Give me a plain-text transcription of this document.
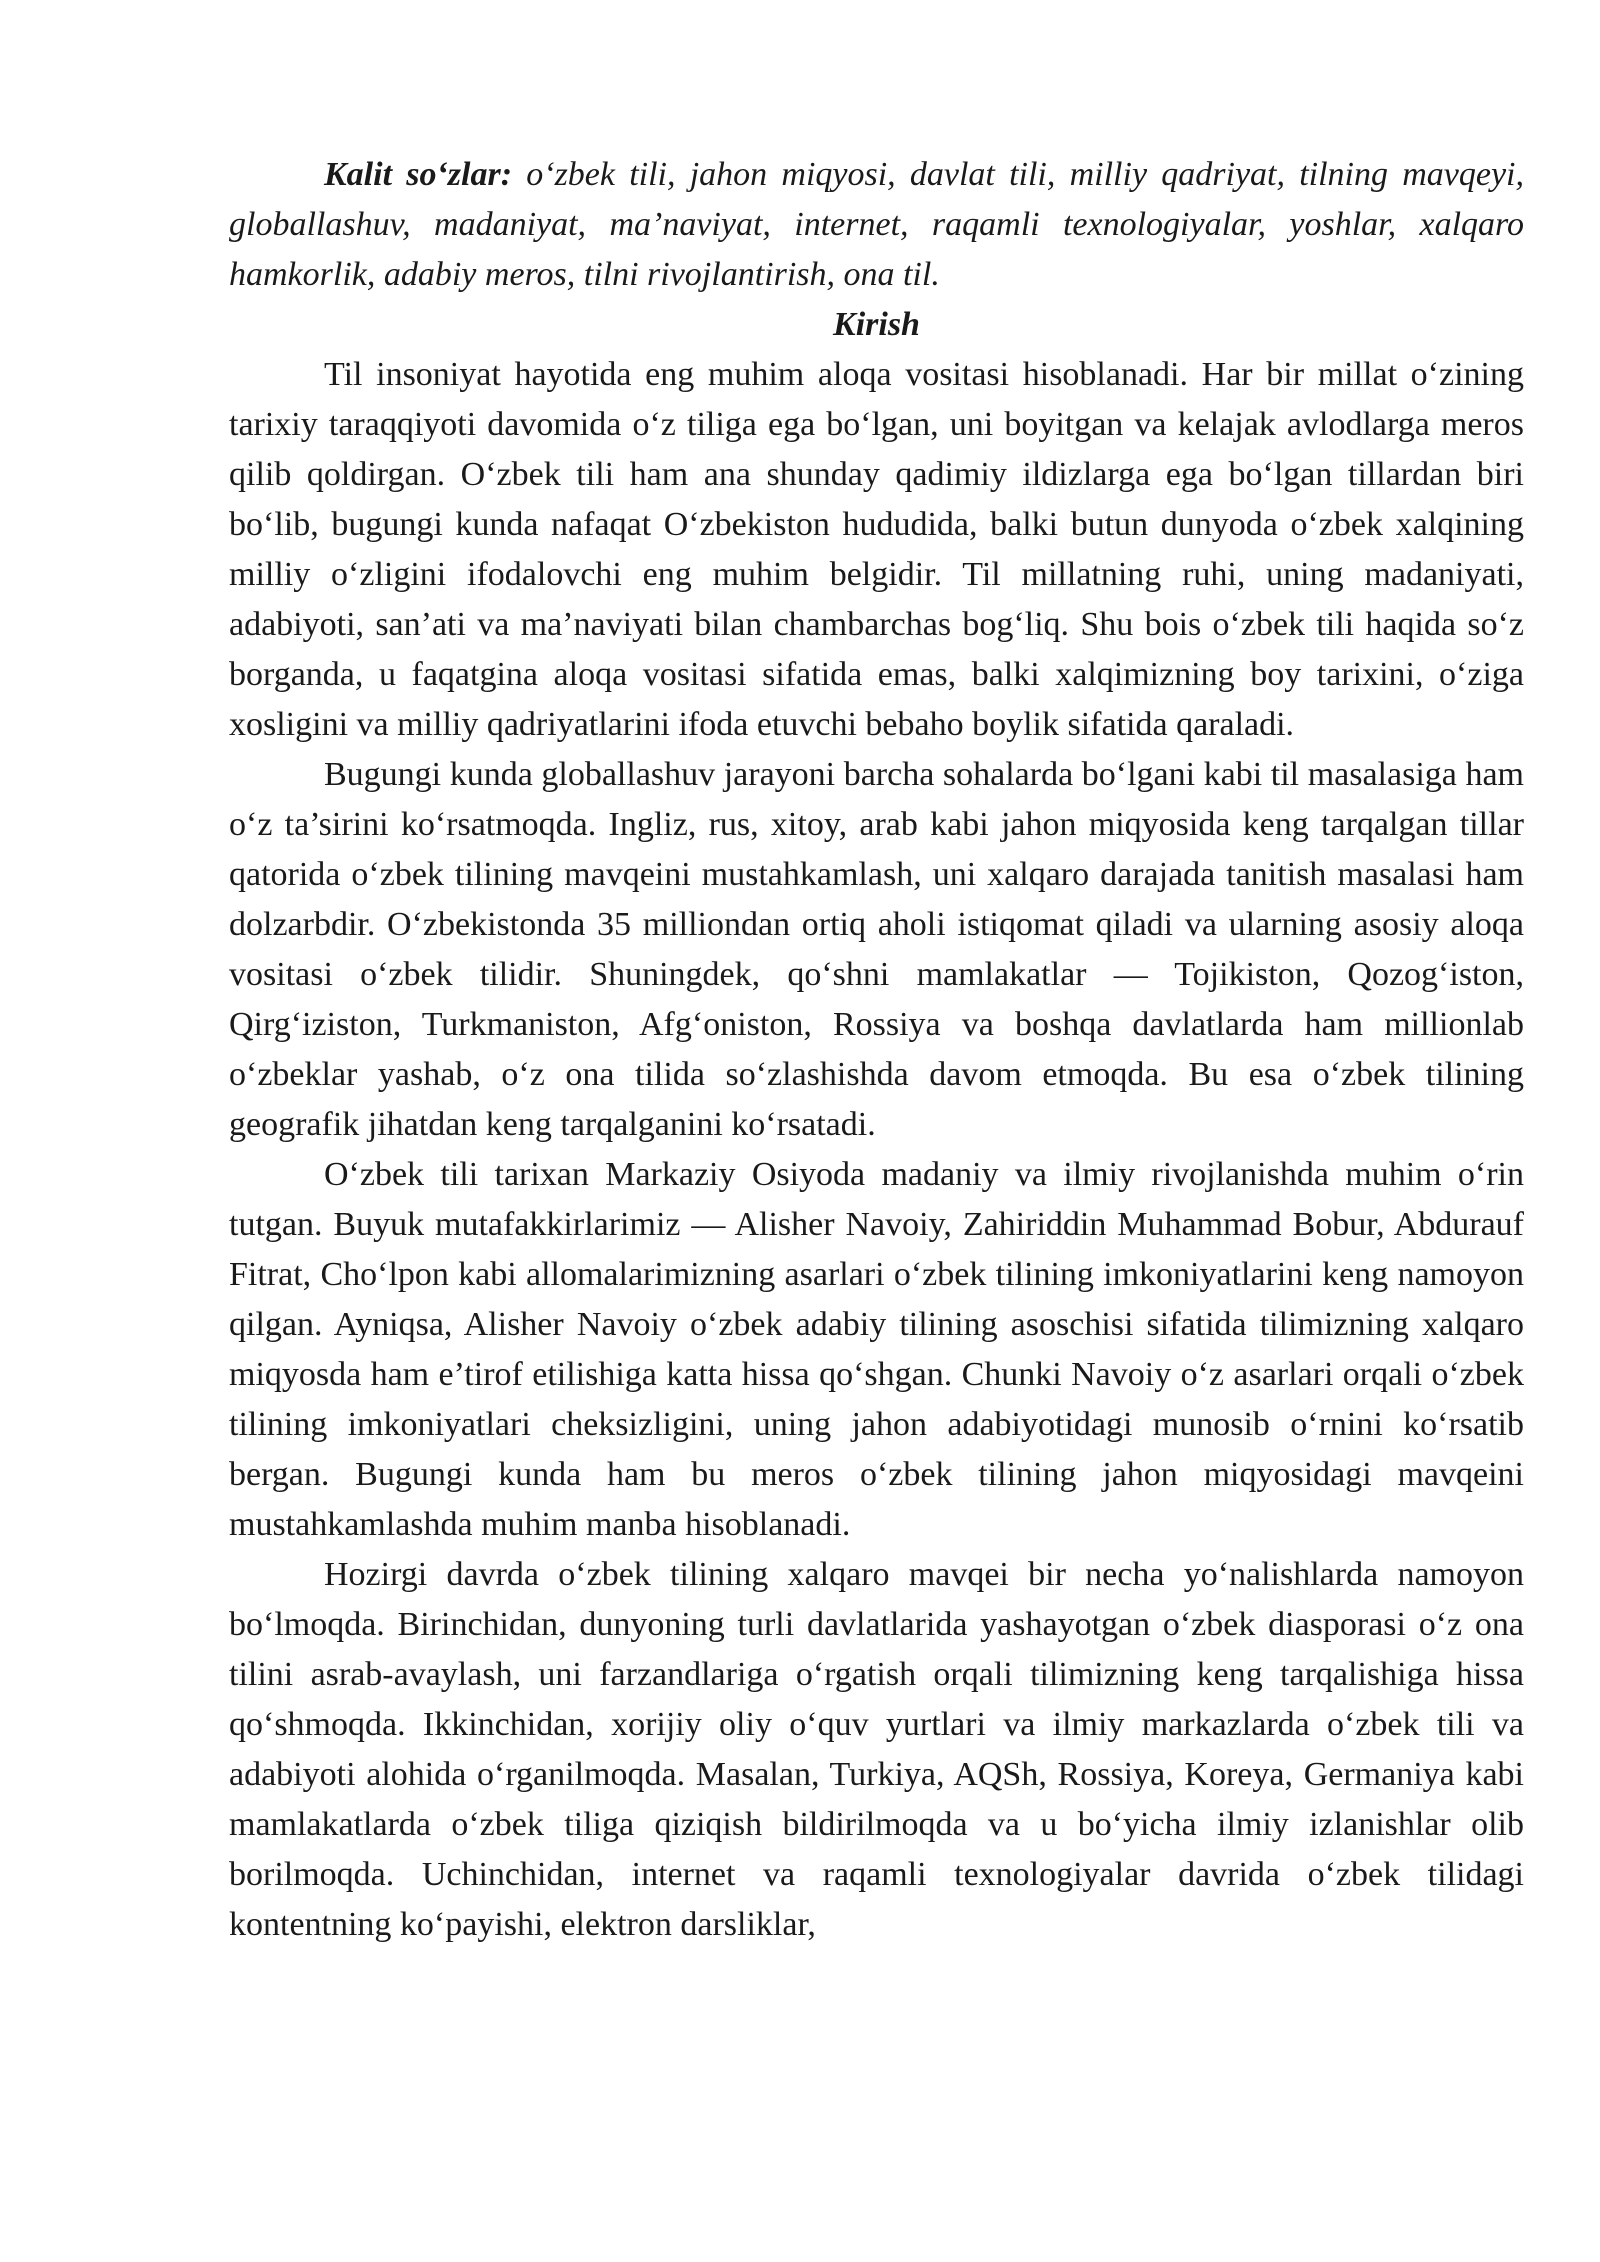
Kalit so‘zlar: o‘zbek tili, jahon miqyosi, davlat tili, milliy qadriyat, tilning mavqeyi, globallashuv, madaniyat, ma’naviyat, internet, raqamli texnologiyalar, yoshlar, xalqaro hamkorlik, adabiy meros, tilni rivojlantirish, ona til.

Kirish

Til insoniyat hayotida eng muhim aloqa vositasi hisoblanadi. Har bir millat o‘zining tarixiy taraqqiyoti davomida o‘z tiliga ega bo‘lgan, uni boyitgan va kelajak avlodlarga meros qilib qoldirgan. O‘zbek tili ham ana shunday qadimiy ildizlarga ega bo‘lgan tillardan biri bo‘lib, bugungi kunda nafaqat O‘zbekiston hududida, balki butun dunyoda o‘zbek xalqining milliy o‘zligini ifodalovchi eng muhim belgidir. Til millatning ruhi, uning madaniyati, adabiyoti, san’ati va ma’naviyati bilan chambarchas bog‘liq. Shu bois o‘zbek tili haqida so‘z borganda, u faqatgina aloqa vositasi sifatida emas, balki xalqimizning boy tarixini, o‘ziga xosligini va milliy qadriyatlarini ifoda etuvchi bebaho boylik sifatida qaraladi.

Bugungi kunda globallashuv jarayoni barcha sohalarda bo‘lgani kabi til masalasiga ham o‘z ta’sirini ko‘rsatmoqda. Ingliz, rus, xitoy, arab kabi jahon miqyosida keng tarqalgan tillar qatorida o‘zbek tilining mavqeini mustahkamlash, uni xalqaro darajada tanitish masalasi ham dolzarbdir. O‘zbekistonda 35 milliondan ortiq aholi istiqomat qiladi va ularning asosiy aloqa vositasi o‘zbek tilidir. Shuningdek, qo‘shni mamlakatlar — Tojikiston, Qozog‘iston, Qirg‘iziston, Turkmaniston, Afg‘oniston, Rossiya va boshqa davlatlarda ham millionlab o‘zbeklar yashab, o‘z ona tilida so‘zlashishda davom etmoqda. Bu esa o‘zbek tilining geografik jihatdan keng tarqalganini ko‘rsatadi.

O‘zbek tili tarixan Markaziy Osiyoda madaniy va ilmiy rivojlanishda muhim o‘rin tutgan. Buyuk mutafakkirlarimiz — Alisher Navoiy, Zahiriddin Muhammad Bobur, Abdurauf Fitrat, Cho‘lpon kabi allomalarimizning asarlari o‘zbek tilining imkoniyatlarini keng namoyon qilgan. Ayniqsa, Alisher Navoiy o‘zbek adabiy tilining asoschisi sifatida tilimizning xalqaro miqyosda ham e’tirof etilishiga katta hissa qo‘shgan. Chunki Navoiy o‘z asarlari orqali o‘zbek tilining imkoniyatlari cheksizligini, uning jahon adabiyotidagi munosib o‘rnini ko‘rsatib bergan. Bugungi kunda ham bu meros o‘zbek tilining jahon miqyosidagi mavqeini mustahkamlashda muhim manba hisoblanadi.

Hozirgi davrda o‘zbek tilining xalqaro mavqei bir necha yo‘nalishlarda namoyon bo‘lmoqda. Birinchidan, dunyoning turli davlatlarida yashayotgan o‘zbek diasporasi o‘z ona tilini asrab-avaylash, uni farzandlariga o‘rgatish orqali tilimizning keng tarqalishiga hissa qo‘shmoqda. Ikkinchidan, xorijiy oliy o‘quv yurtlari va ilmiy markazlarda o‘zbek tili va adabiyoti alohida o‘rganilmoqda. Masalan, Turkiya, AQSh, Rossiya, Koreya, Germaniya kabi mamlakatlarda o‘zbek tiliga qiziqish bildirilmoqda va u bo‘yicha ilmiy izlanishlar olib borilmoqda. Uchinchidan, internet va raqamli texnologiyalar davrida o‘zbek tilidagi kontentning ko‘payishi, elektron darsliklar,
